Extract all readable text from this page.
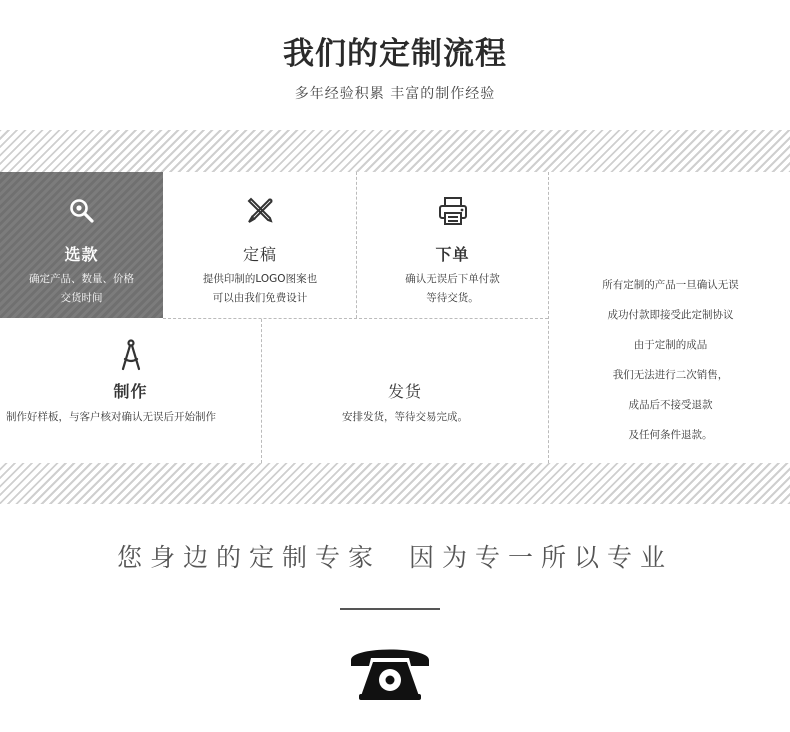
我们的定制流程
多年经验积累 丰富的制作经验
选款
确定产品、数量、价格
交货时间
定稿
提供印制的LOGO图案也
可以由我们免费设计
下单
确认无误后下单付款
等待交货。
制作
制作好样板，与客户核对确认无误后开始制作
发货
安排发货，等待交易完成。
所有定制的产品一旦确认无误
成功付款即接受此定制协议
由于定制的成品
我们无法进行二次销售，
成品后不接受退款
及任何条件退款。
您身边的定制专家 因为专一所以专业
